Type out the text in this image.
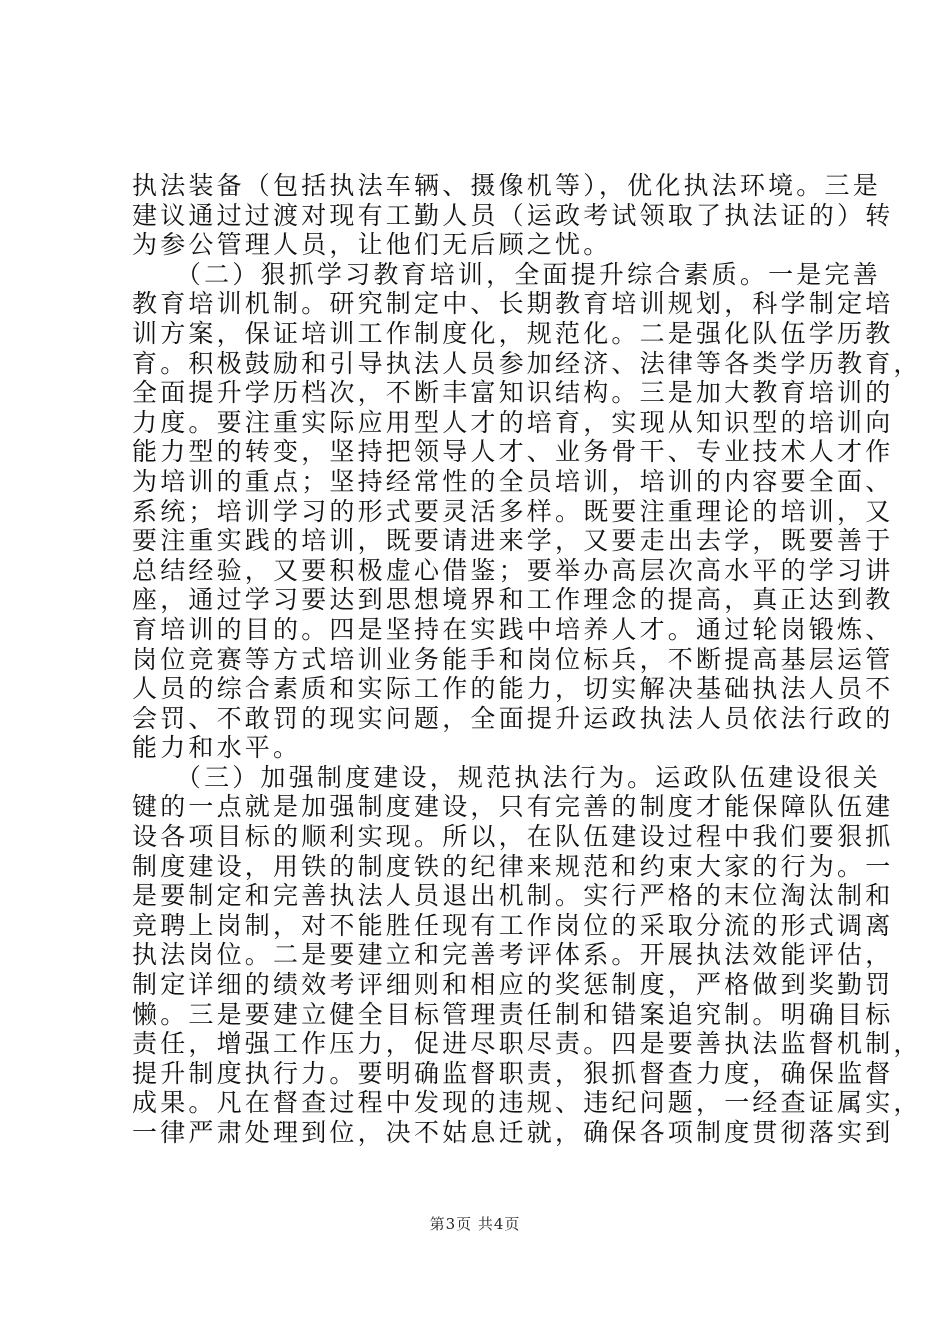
执法装备（包括执法车辆、摄像机等），优化执法环境。三是
建议通过过渡对现有工勤人员（运政考试领取了执法证的）转
为参公管理人员，让他们无后顾之忧。
　　（二）狠抓学习教育培训，全面提升综合素质。一是完善
教育培训机制。研究制定中、长期教育培训规划，科学制定培
训方案，保证培训工作制度化，规范化。二是强化队伍学历教
育。积极鼓励和引导执法人员参加经济、法律等各类学历教育，
全面提升学历档次，不断丰富知识结构。三是加大教育培训的
力度。要注重实际应用型人才的培育，实现从知识型的培训向
能力型的转变，坚持把领导人才、业务骨干、专业技术人才作
为培训的重点；坚持经常性的全员培训，培训的内容要全面、
系统；培训学习的形式要灵活多样。既要注重理论的培训，又
要注重实践的培训，既要请进来学，又要走出去学，既要善于
总结经验，又要积极虚心借鉴；要举办高层次高水平的学习讲
座，通过学习要达到思想境界和工作理念的提高，真正达到教
育培训的目的。四是坚持在实践中培养人才。通过轮岗锻炼、
岗位竞赛等方式培训业务能手和岗位标兵，不断提高基层运管
人员的综合素质和实际工作的能力，切实解决基础执法人员不
会罚、不敢罚的现实问题，全面提升运政执法人员依法行政的
能力和水平。
　　（三）加强制度建设，规范执法行为。运政队伍建设很关
键的一点就是加强制度建设，只有完善的制度才能保障队伍建
设各项目标的顺利实现。所以，在队伍建设过程中我们要狠抓
制度建设，用铁的制度铁的纪律来规范和约束大家的行为。一
是要制定和完善执法人员退出机制。实行严格的末位淘汰制和
竞聘上岗制，对不能胜任现有工作岗位的采取分流的形式调离
执法岗位。二是要建立和完善考评体系。开展执法效能评估，
制定详细的绩效考评细则和相应的奖惩制度，严格做到奖勤罚
懒。三是要建立健全目标管理责任制和错案追究制。明确目标
责任，增强工作压力，促进尽职尽责。四是要善执法监督机制，
提升制度执行力。要明确监督职责，狠抓督查力度，确保监督
成果。凡在督查过程中发现的违规、违纪问题，一经查证属实，
一律严肃处理到位，决不姑息迁就，确保各项制度贯彻落实到
第3页 共4页
